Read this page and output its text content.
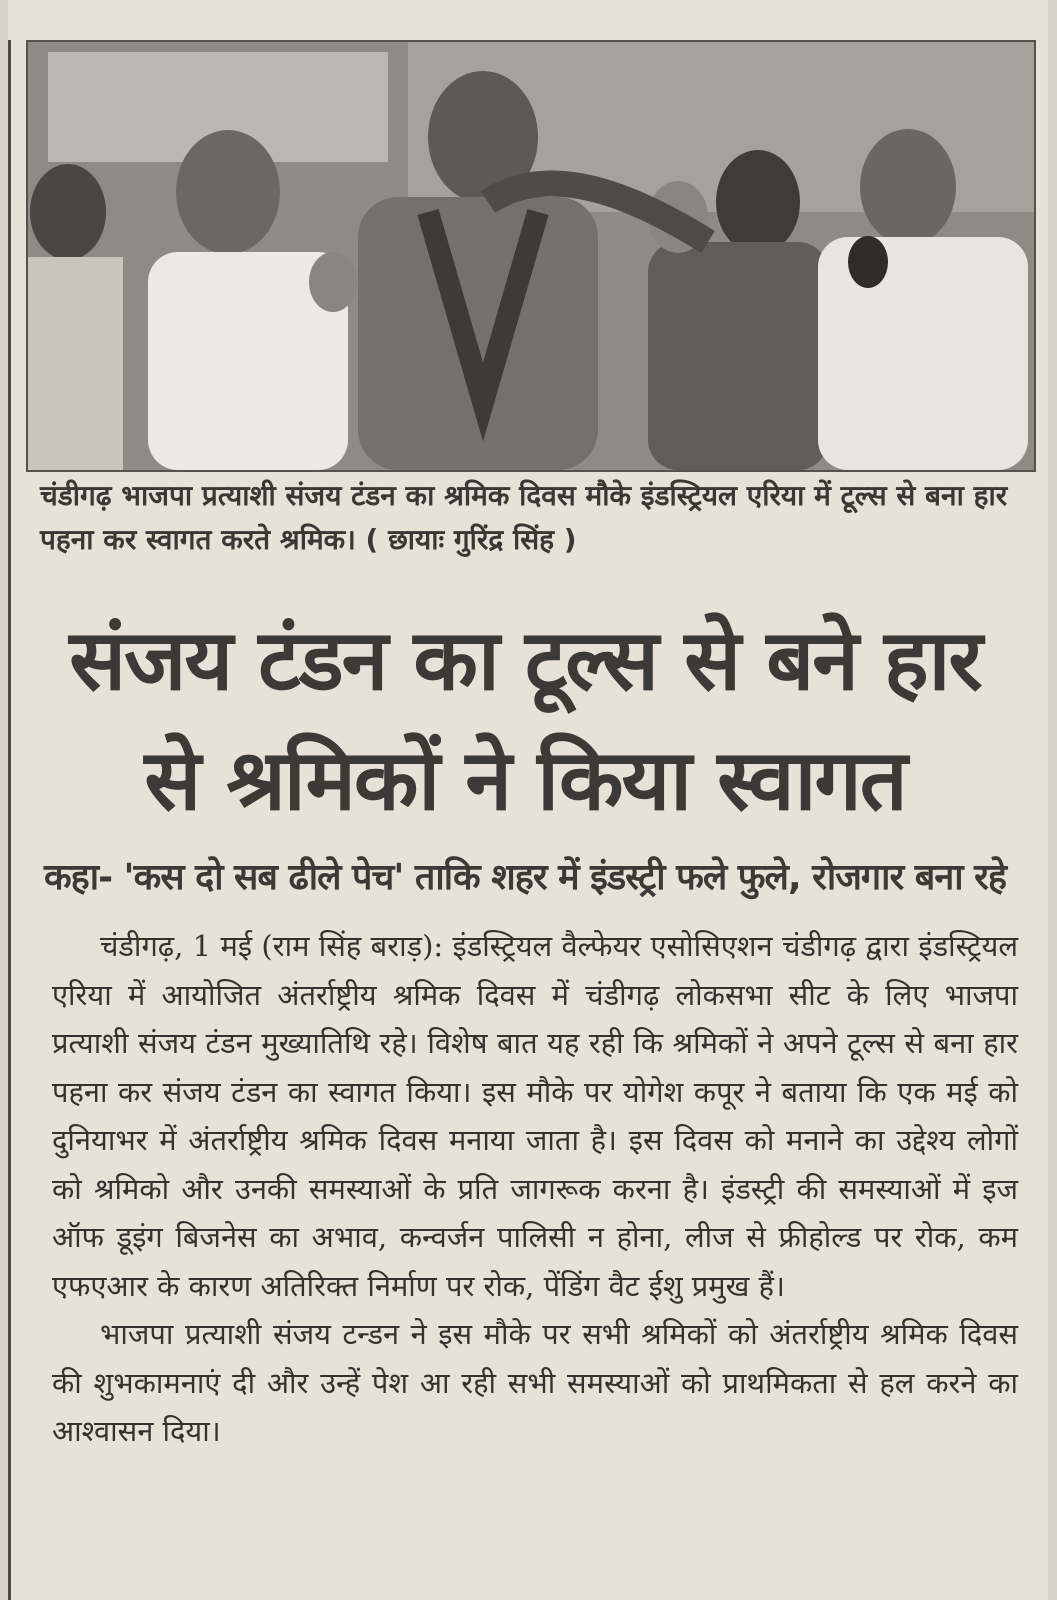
चंडीगढ़ भाजपा प्रत्याशी संजय टंडन का श्रमिक दिवस मौके इंडस्ट्रियल एरिया में टूल्स से बना हार पहना कर स्वागत करते श्रमिक। ( छायाः गुरिंद्र सिंह )
संजय टंडन का टूल्स से बने हार
से श्रमिकों ने किया स्वागत
कहा- 'कस दो सब ढीले पेच' ताकि शहर में इंडस्ट्री फले फुले, रोजगार बना रहे

चंडीगढ़, 1 मई (राम सिंह बराड़): इंडस्ट्रियल वैल्फेयर एसोसिएशन चंडीगढ़ द्वारा इंडस्ट्रियल एरिया में आयोजित अंतर्राष्ट्रीय श्रमिक दिवस में चंडीगढ़ लोकसभा सीट के लिए भाजपा प्रत्याशी संजय टंडन मुख्यातिथि रहे। विशेष बात यह रही कि श्रमिकों ने अपने टूल्स से बना हार पहना कर संजय टंडन का स्वागत किया। इस मौके पर योगेश कपूर ने बताया कि एक मई को दुनियाभर में अंतर्राष्ट्रीय श्रमिक दिवस मनाया जाता है। इस दिवस को मनाने का उद्देश्य लोगों को श्रमिको और उनकी समस्याओं के प्रति जागरूक करना है। इंडस्ट्री की समस्याओं में इज ऑफ डूइंग बिजनेस का अभाव, कन्वर्जन पालिसी न होना, लीज से फ्रीहोल्ड पर रोक, कम एफएआर के कारण अतिरिक्त निर्माण पर रोक, पेंडिंग वैट ईशु प्रमुख हैं।

भाजपा प्रत्याशी संजय टन्डन ने इस मौके पर सभी श्रमिकों को अंतर्राष्ट्रीय श्रमिक दिवस की शुभकामनाएं दी और उन्हें पेश आ रही सभी समस्याओं को प्राथमिकता से हल करने का आश्वासन दिया।
